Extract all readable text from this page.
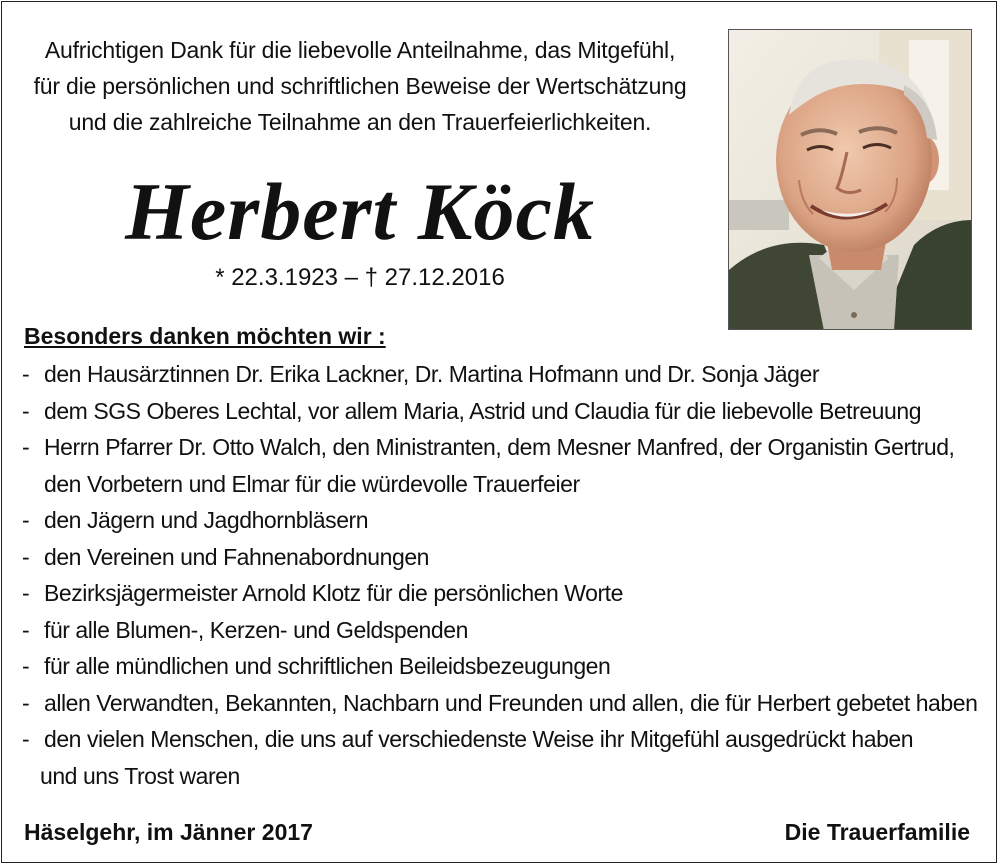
Aufrichtigen Dank für die liebevolle Anteilnahme, das Mitgefühl,
für die persönlichen und schriftlichen Beweise der Wertschätzung
und die zahlreiche Teilnahme an den Trauerfeierlichkeiten.
Herbert Köck
* 22.3.1923 – † 27.12.2016
Besonders danken möchten wir :
- den Hausärztinnen Dr. Erika Lackner, Dr. Martina Hofmann und Dr. Sonja Jäger
- dem SGS Oberes Lechtal, vor allem Maria, Astrid und Claudia für die liebevolle Betreuung
- Herrn Pfarrer Dr. Otto Walch, den Ministranten, dem Mesner Manfred, der Organistin Gertrud,
den Vorbetern und Elmar für die würdevolle Trauerfeier
- den Jägern und Jagdhornbläsern
- den Vereinen und Fahnenabordnungen
- Bezirksjägermeister Arnold Klotz für die persönlichen Worte
- für alle Blumen-, Kerzen- und Geldspenden
- für alle mündlichen und schriftlichen Beileidsbezeugungen
- allen Verwandten, Bekannten, Nachbarn und Freunden und allen, die für Herbert gebetet haben
- den vielen Menschen, die uns auf verschiedenste Weise ihr Mitgefühl ausgedrückt haben
und uns Trost waren
Häselgehr, im Jänner 2017	Die Trauerfamilie
